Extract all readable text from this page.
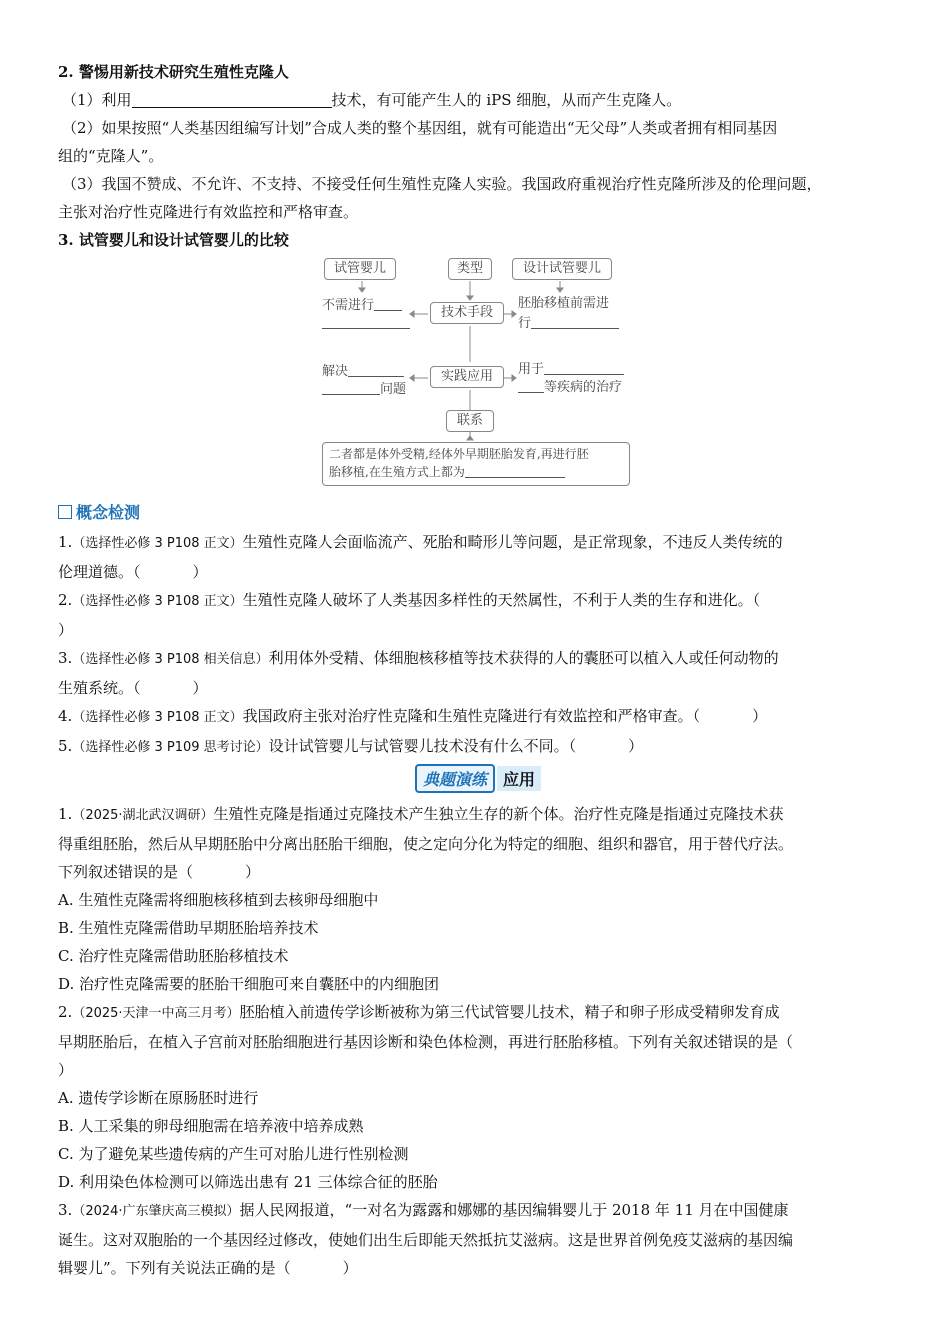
2. 警惕用新技术研究生殖性克隆人
（1）利用	技术，有可能产生人的 iPS 细胞，从而产生克隆人。
（2）如果按照“人类基因组编写计划”合成人类的整个基因组，就有可能造出“无父母”人类或者拥有相同基因
组的“克隆人”。
（3）我国不赞成、不允许、不支持、不接受任何生殖性克隆人实验。我国政府重视治疗性克隆所涉及的伦理问题，
主张对治疗性克隆进行有效监控和严格审查。
3. 试管婴儿和设计试管婴儿的比较
试管婴儿	类型	设计试管婴儿
不需进行	技术手段
胚胎移植前需进
行
解决
问题
实践应用	用于
等疾病的治疗
联系
二者都是体外受精,经体外早期胚胎发育,再进行胚
胎移植,在生殖方式上都为
概念检测
1.（选择性必修 3 P108 正文）生殖性克隆人会面临流产、死胎和畸形儿等问题，是正常现象，不违反人类传统的
伦理道德。（	）
2.（选择性必修 3 P108 正文）生殖性克隆人破坏了人类基因多样性的天然属性，不利于人类的生存和进化。（
）
3.（选择性必修 3 P108 相关信息）利用体外受精、体细胞核移植等技术获得的人的囊胚可以植入人或任何动物的
生殖系统。（	）
4.（选择性必修 3 P108 正文）我国政府主张对治疗性克隆和生殖性克隆进行有效监控和严格审查。（	）
5.（选择性必修 3 P109 思考讨论）设计试管婴儿与试管婴儿技术没有什么不同。（	）
典题演练	应用
1.（2025·湖北武汉调研）生殖性克隆是指通过克隆技术产生独立生存的新个体。治疗性克隆是指通过克隆技术获
得重组胚胎，然后从早期胚胎中分离出胚胎干细胞，使之定向分化为特定的细胞、组织和器官，用于替代疗法。
下列叙述错误的是（	）
A. 生殖性克隆需将细胞核移植到去核卵母细胞中
B. 生殖性克隆需借助早期胚胎培养技术
C. 治疗性克隆需借助胚胎移植技术
D. 治疗性克隆需要的胚胎干细胞可来自囊胚中的内细胞团
2.（2025·天津一中高三月考）胚胎植入前遗传学诊断被称为第三代试管婴儿技术，精子和卵子形成受精卵发育成
早期胚胎后，在植入子宫前对胚胎细胞进行基因诊断和染色体检测，再进行胚胎移植。下列有关叙述错误的是（
）
A. 遗传学诊断在原肠胚时进行
B. 人工采集的卵母细胞需在培养液中培养成熟
C. 为了避免某些遗传病的产生可对胎儿进行性别检测
D. 利用染色体检测可以筛选出患有 21 三体综合征的胚胎
3.（2024·广东肇庆高三模拟）据人民网报道，“一对名为露露和娜娜的基因编辑婴儿于 2018 年 11 月在中国健康
诞生。这对双胞胎的一个基因经过修改，使她们出生后即能天然抵抗艾滋病。这是世界首例免疫艾滋病的基因编
辑婴儿”。下列有关说法正确的是（	）
